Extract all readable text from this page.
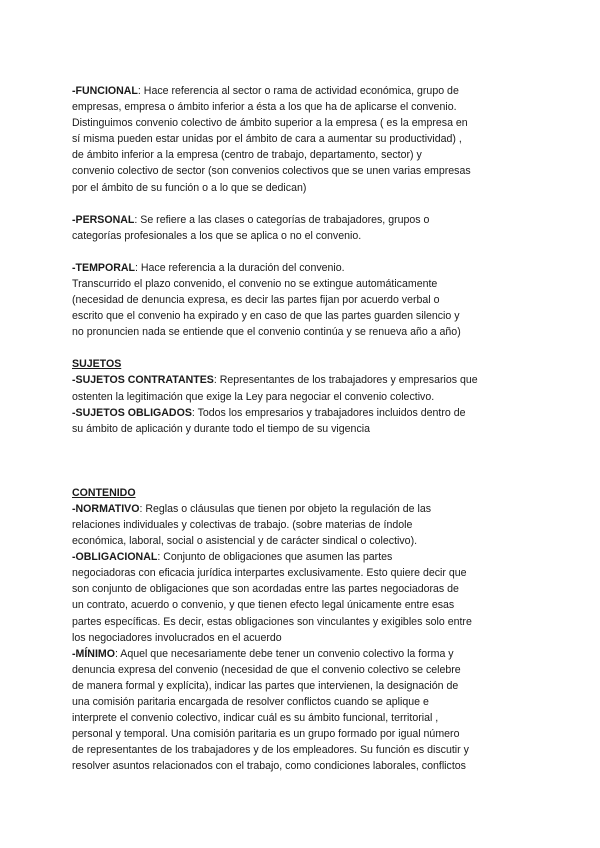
-FUNCIONAL: Hace referencia al sector o rama de actividad económica, grupo de
empresas, empresa o ámbito inferior a ésta a los que ha de aplicarse el convenio.
Distinguimos convenio colectivo de ámbito superior a la empresa ( es la empresa en
sí misma pueden estar unidas por el ámbito de cara a aumentar su productividad) ,
de ámbito inferior a la empresa (centro de trabajo, departamento, sector) y
convenio colectivo de sector (son convenios colectivos que se unen varias empresas
por el ámbito de su función o a lo que se dedican)
-PERSONAL: Se refiere a las clases o categorías de trabajadores, grupos o
categorías profesionales a los que se aplica o no el convenio.
-TEMPORAL: Hace referencia a la duración del convenio.
Transcurrido el plazo convenido, el convenio no se extingue automáticamente
(necesidad de denuncia expresa, es decir las partes fijan por acuerdo verbal o
escrito que el convenio ha expirado y en caso de que las partes guarden silencio y
no pronuncien nada se entiende que el convenio continúa y se renueva año a año)
SUJETOS
-SUJETOS CONTRATANTES: Representantes de los trabajadores y empresarios que
ostenten la legitimación que exige la Ley para negociar el convenio colectivo.
-SUJETOS OBLIGADOS: Todos los empresarios y trabajadores incluidos dentro de
su ámbito de aplicación y durante todo el tiempo de su vigencia
CONTENIDO
-NORMATIVO: Reglas o cláusulas que tienen por objeto la regulación de las
relaciones individuales y colectivas de trabajo. (sobre materias de índole
económica, laboral, social o asistencial y de carácter sindical o colectivo).
-OBLIGACIONAL: Conjunto de obligaciones que asumen las partes
negociadoras con eficacia jurídica interpartes exclusivamente. Esto quiere decir que
son conjunto de obligaciones que son acordadas entre las partes negociadoras de
un contrato, acuerdo o convenio, y que tienen efecto legal únicamente entre esas
partes específicas. Es decir, estas obligaciones son vinculantes y exigibles solo entre
los negociadores involucrados en el acuerdo
-MÍNIMO: Aquel que necesariamente debe tener un convenio colectivo la forma y
denuncia expresa del convenio (necesidad de que el convenio colectivo se celebre
de manera formal y explícita), indicar las partes que intervienen, la designación de
una comisión paritaria encargada de resolver conflictos cuando se aplique e
interprete el convenio colectivo, indicar cuál es su ámbito funcional, territorial ,
personal y temporal. Una comisión paritaria es un grupo formado por igual número
de representantes de los trabajadores y de los empleadores. Su función es discutir y
resolver asuntos relacionados con el trabajo, como condiciones laborales, conflictos
